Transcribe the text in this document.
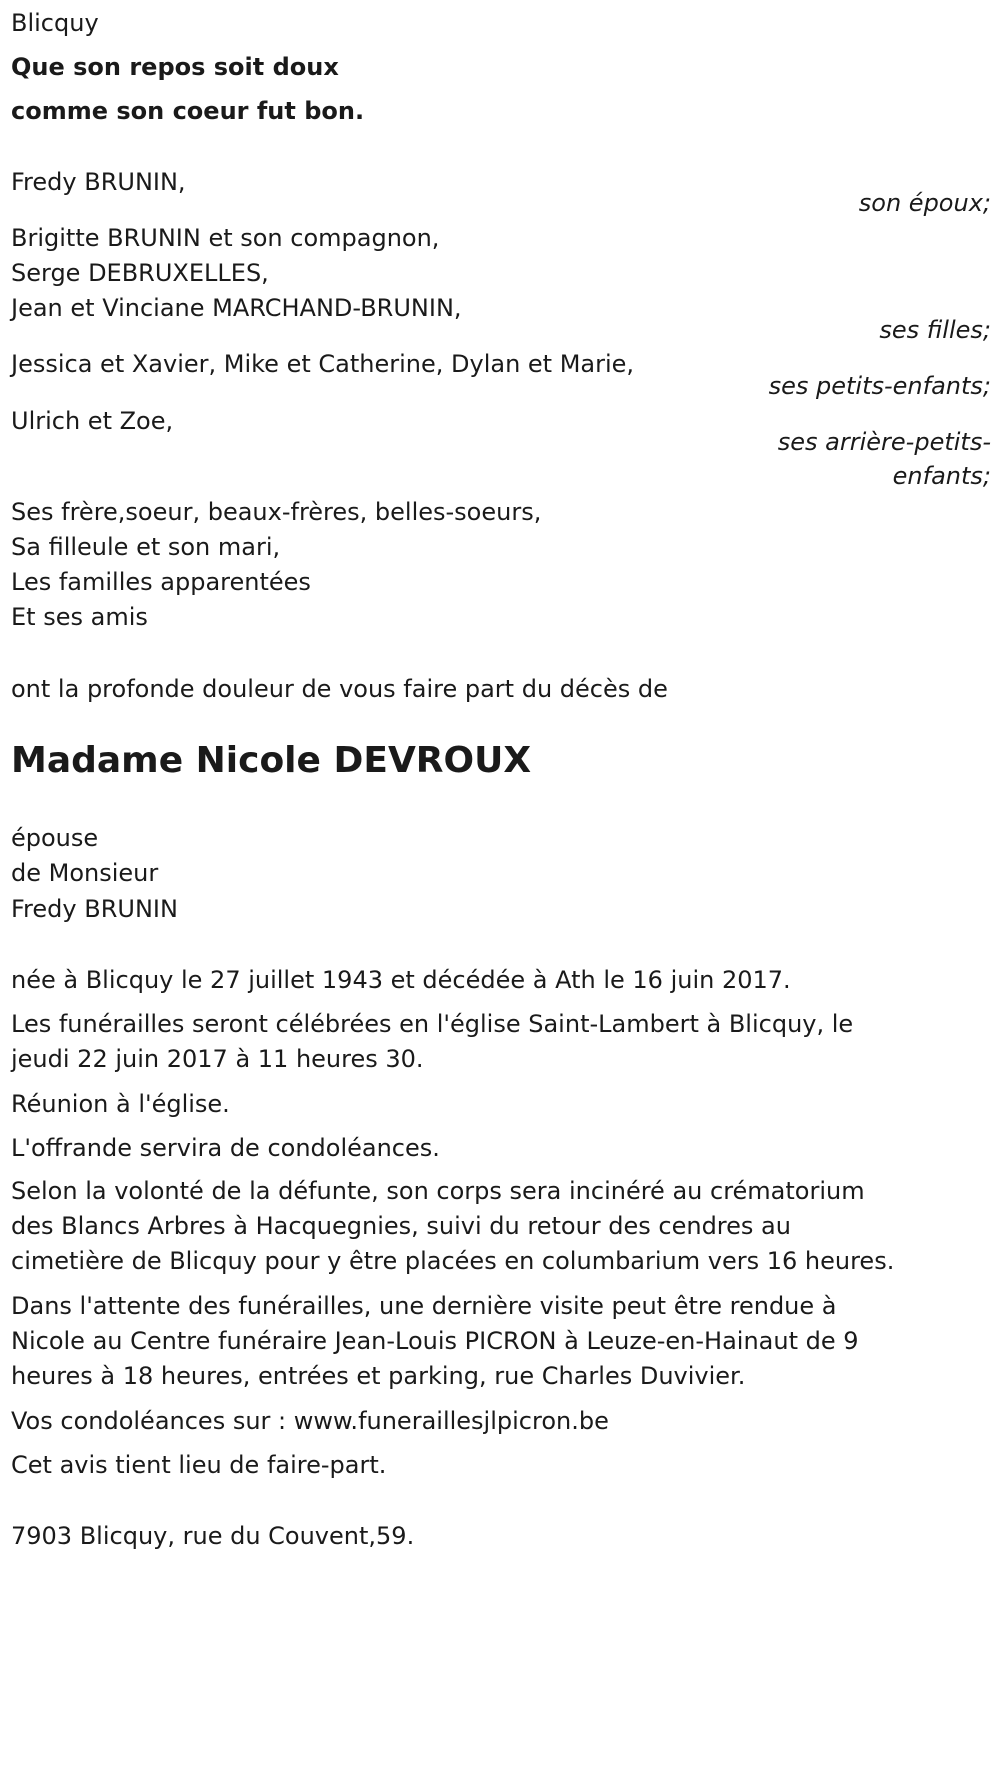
Blicquy
Que son repos soit doux
comme son coeur fut bon.
Fredy BRUNIN,
son époux;
Brigitte BRUNIN et son compagnon,
Serge DEBRUXELLES,
Jean et Vinciane MARCHAND-BRUNIN,
ses filles;
Jessica et Xavier, Mike et Catherine, Dylan et Marie,
ses petits-enfants;
Ulrich et Zoe,
ses arrière-petits-
enfants;
Ses frère,soeur, beaux-frères, belles-soeurs,
Sa filleule et son mari,
Les familles apparentées
Et ses amis
ont la profonde douleur de vous faire part du décès de
Madame Nicole DEVROUX
épouse
de Monsieur
Fredy BRUNIN
née à Blicquy le 27 juillet 1943 et décédée à Ath le 16 juin 2017.
Les funérailles seront célébrées en l'église Saint-Lambert à Blicquy, le
jeudi 22 juin 2017 à 11 heures 30.
Réunion à l'église.
L'offrande servira de condoléances.
Selon la volonté de la défunte, son corps sera incinéré au crématorium
des Blancs Arbres à Hacquegnies, suivi du retour des cendres au
cimetière de Blicquy pour y être placées en columbarium vers 16 heures.
Dans l'attente des funérailles, une dernière visite peut être rendue à
Nicole au Centre funéraire Jean-Louis PICRON à Leuze-en-Hainaut de 9
heures à 18 heures, entrées et parking, rue Charles Duvivier.
Vos condoléances sur : www.funeraillesjlpicron.be
Cet avis tient lieu de faire-part.
7903 Blicquy, rue du Couvent,59.
